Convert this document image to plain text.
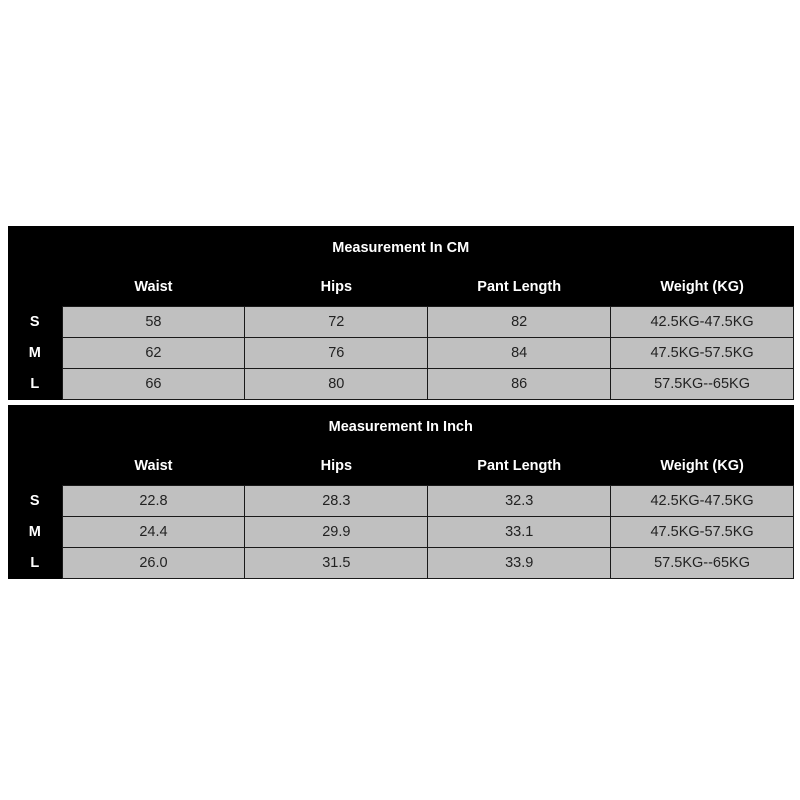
Measurement In CM				
	Waist	Hips	Pant Length	Weight (KG)
S	58	72	82	42.5KG-47.5KG
M	62	76	84	47.5KG-57.5KG
L	66	80	86	57.5KG--65KG
Measurement In Inch				
	Waist	Hips	Pant Length	Weight (KG)
S	22.8	28.3	32.3	42.5KG-47.5KG
M	24.4	29.9	33.1	47.5KG-57.5KG
L	26.0	31.5	33.9	57.5KG--65KG
